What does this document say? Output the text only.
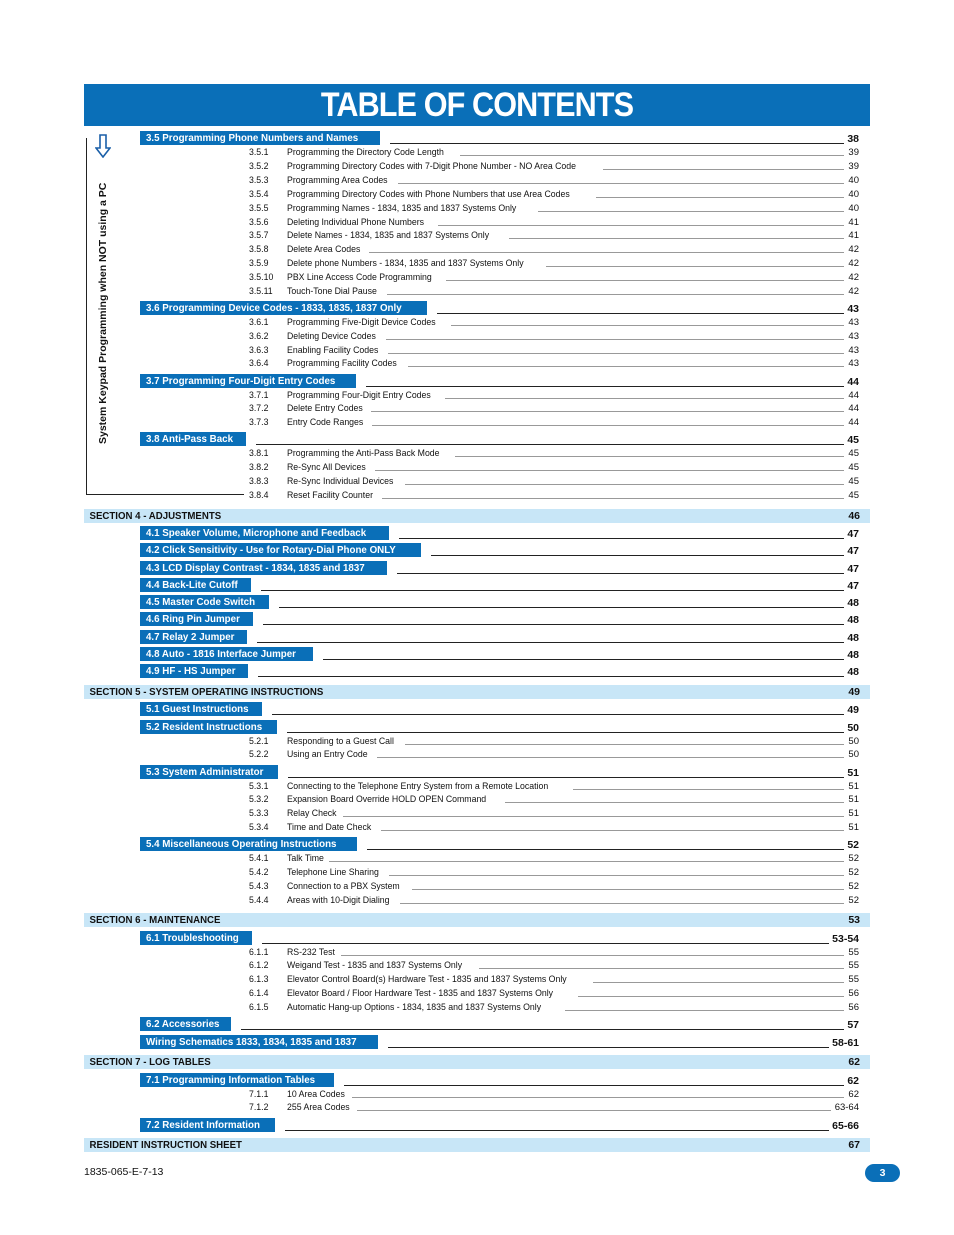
TABLE OF CONTENTS
System Keypad Programming when NOT using a PC
3.5 Programming Phone Numbers and Names	38
3.5.1	Programming the Directory Code Length	39
3.5.2	Programming Directory Codes with 7-Digit Phone Number - NO Area Code	39
3.5.3	Programming Area Codes	40
3.5.4	Programming Directory Codes with Phone Numbers that use Area Codes	40
3.5.5	Programming Names - 1834, 1835 and 1837 Systems Only	40
3.5.6	Deleting Individual Phone Numbers	41
3.5.7	Delete Names - 1834, 1835 and 1837 Systems Only	41
3.5.8	Delete Area Codes	42
3.5.9	Delete phone Numbers - 1834, 1835 and 1837 Systems Only	42
3.5.10	PBX Line Access Code Programming	42
3.5.11	Touch-Tone Dial Pause	42
3.6 Programming Device Codes - 1833, 1835, 1837 Only	43
3.6.1	Programming Five-Digit Device Codes	43
3.6.2	Deleting Device Codes	43
3.6.3	Enabling Facility Codes	43
3.6.4	Programming Facility Codes	43
3.7 Programming Four-Digit Entry Codes	44
3.7.1	Programming Four-Digit Entry Codes	44
3.7.2	Delete Entry Codes	44
3.7.3	Entry Code Ranges	44
3.8 Anti-Pass Back	45
3.8.1	Programming the Anti-Pass Back Mode	45
3.8.2	Re-Sync All Devices	45
3.8.3	Re-Sync Individual Devices	45
3.8.4	Reset Facility Counter	45
SECTION 4 - ADJUSTMENTS	46
4.1 Speaker Volume, Microphone and Feedback	47
4.2 Click Sensitivity - Use for Rotary-Dial Phone ONLY	47
4.3 LCD Display Contrast - 1834, 1835 and 1837	47
4.4 Back-Lite Cutoff	47
4.5 Master Code Switch	48
4.6 Ring Pin Jumper	48
4.7 Relay 2 Jumper	48
4.8 Auto - 1816 Interface Jumper	48
4.9 HF - HS Jumper	48
SECTION 5 - SYSTEM OPERATING INSTRUCTIONS	49
5.1 Guest Instructions	49
5.2 Resident Instructions	50
5.2.1	Responding to a Guest Call	50
5.2.2	Using an Entry Code	50
5.3 System Administrator	51
5.3.1	Connecting to the Telephone Entry System from a Remote Location	51
5.3.2	Expansion Board Override HOLD OPEN Command	51
5.3.3	Relay Check	51
5.3.4	Time and Date Check	51
5.4 Miscellaneous Operating Instructions	52
5.4.1	Talk Time	52
5.4.2	Telephone Line Sharing	52
5.4.3	Connection to a PBX System	52
5.4.4	Areas with 10-Digit Dialing	52
SECTION 6 - MAINTENANCE	53
6.1 Troubleshooting	53-54
6.1.1	RS-232 Test	55
6.1.2	Weigand Test - 1835 and 1837 Systems Only	55
6.1.3	Elevator Control Board(s) Hardware Test - 1835 and 1837 Systems Only	55
6.1.4	Elevator Board / Floor Hardware Test - 1835 and 1837 Systems Only	56
6.1.5	Automatic Hang-up Options - 1834, 1835 and 1837 Systems Only	56
6.2 Accessories	57
Wiring Schematics 1833, 1834, 1835 and 1837	58-61
SECTION 7 - LOG TABLES	62
7.1 Programming Information Tables	62
7.1.1	10 Area Codes	62
7.1.2	255 Area Codes	63-64
7.2 Resident Information	65-66
RESIDENT INSTRUCTION SHEET	67
1835-065-E-7-13	3
